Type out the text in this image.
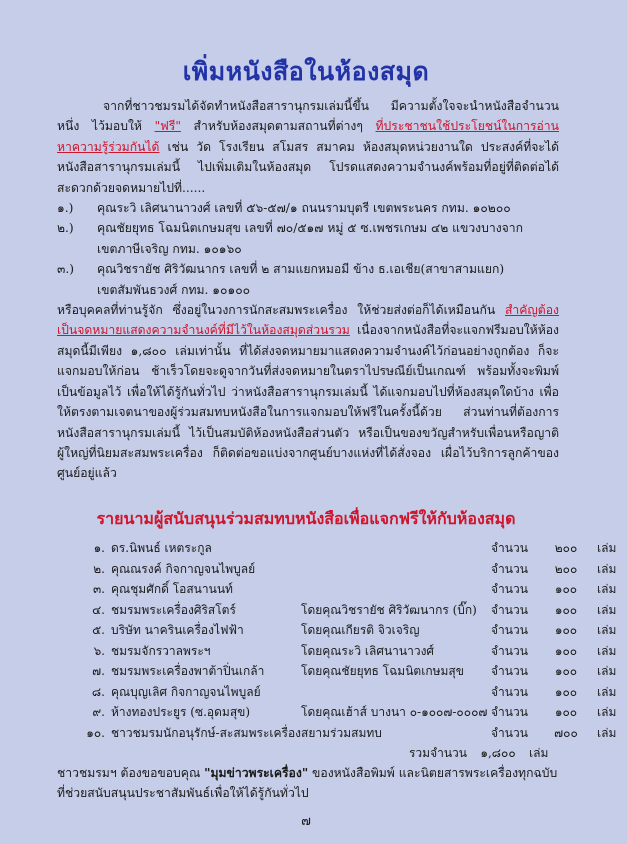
เพิ่มหนังสือในห้องสมุด

จากที่ชาวชมรมได้จัดทำหนังสือสารานุกรมเล่มนี้ขึ้น มีความตั้งใจจะนำหนังสือจำนวนหนึ่ง ไว้มอบให้ "ฟรี" สำหรับห้องสมุดตามสถานที่ต่างๆ ที่ประชาชนใช้ประโยชน์ในการอ่านหาความรู้ร่วมกันได้ เช่น วัด โรงเรียน สโมสร สมาคม ห้องสมุดหน่วยงานใด ประสงค์ที่จะได้หนังสือสารานุกรมเล่มนี้ ไปเพิ่มเติมในห้องสมุด โปรดแสดงความจำนงค์พร้อมที่อยู่ที่ติดต่อได้สะดวกด้วยจดหมายไปที่......

๑.)	คุณระวิ เลิศนานาวงศ์ เลขที่ ๕๖-๕๗/๑ ถนนรามบุตรี เขตพระนคร กทม. ๑๐๒๐๐
๒.)	คุณชัยยุทธ โฉมนิตเกษมสุข เลขที่ ๗๐/๕๑๗ หมู่ ๕ ซ.เพชรเกษม ๔๒ แขวงบางจาก
เขตภาษีเจริญ กทม. ๑๐๑๖๐
๓.)	คุณวิชรายัช ศิริวัฒนากร เลขที่ ๒ สามแยกหมอมี ข้าง ธ.เอเชีย(สาขาสามแยก)
เขตสัมพันธวงศ์ กทม. ๑๐๑๐๐

หรือบุคคลที่ท่านรู้จัก ซึ่งอยู่ในวงการนักสะสมพระเครื่อง ให้ช่วยส่งต่อก็ได้เหมือนกัน สำคัญต้องเป็นจดหมายแสดงความจำนงค์ที่มีไว้ในห้องสมุดส่วนรวม เนื่องจากหนังสือที่จะแจกฟรีมอบให้ห้องสมุดนี้มีเพียง ๑,๘๐๐ เล่มเท่านั้น ที่ได้ส่งจดหมายมาแสดงความจำนงค์ไว้ก่อนอย่างถูกต้อง ก็จะแจกมอบให้ก่อน ช้าเร็วโดยจะดูจากวันที่ส่งจดหมายในตราไปรษณีย์เป็นเกณฑ์ พร้อมทั้งจะพิมพ์เป็นข้อมูลไว้ เพื่อให้ได้รู้กันทั่วไป ว่าหนังสือสารานุกรมเล่มนี้ ได้แจกมอบไปที่ห้องสมุดใดบ้าง เพื่อให้ตรงตามเจตนาของผู้ร่วมสมทบหนังสือในการแจกมอบให้ฟรีในครั้งนี้ด้วย ส่วนท่านที่ต้องการหนังสือสารานุกรมเล่มนี้ ไว้เป็นสมบัติห้องหนังสือส่วนตัว หรือเป็นของขวัญสำหรับเพื่อนหรือญาติผู้ใหญ่ที่นิยมสะสมพระเครื่อง ก็ติดต่อขอแบ่งจากศูนย์บางแห่งที่ได้สั่งจอง เผื่อไว้บริการลูกค้าของศูนย์อยู่แล้ว

รายนามผู้สนับสนุนร่วมสมทบหนังสือเพื่อแจกฟรีให้กับห้องสมุด
๑. ดร.นิพนธ์ เหตระกูล	จำนวน	๒๐๐	เล่ม
๒. คุณณรงค์ กิจกาญจนไพบูลย์	จำนวน	๒๐๐	เล่ม
๓. คุณชุมศักดิ์ โอสนานนท์	จำนวน	๑๐๐	เล่ม
๔. ชมรมพระเครื่องศิริสโตร์	โดยคุณวิชรายัช ศิริวัฒนากร (บิ๊ก)	จำนวน	๑๐๐	เล่ม
๕. บริษัท นาครินเครื่องไฟฟ้า	โดยคุณเกียรติ จิวเจริญ	จำนวน	๑๐๐	เล่ม
๖. ชมรมจักรวาลพระฯ	โดยคุณระวิ เลิศนานาวงศ์	จำนวน	๑๐๐	เล่ม
๗. ชมรมพระเครื่องพาต้าปิ่นเกล้า	โดยคุณชัยยุทธ โฉมนิตเกษมสุข	จำนวน	๑๐๐	เล่ม
๘. คุณบุญเลิศ กิจกาญจนไพบูลย์	จำนวน	๑๐๐	เล่ม
๙. ห้างทองประยูร (ซ.อุดมสุข)	โดยคุณเฮ้าส์ บางนา ๐-๑๐๐๗-๐๐๐๗ จำนวน	๑๐๐	เล่ม
๑๐. ชาวชมรมนักอนุรักษ์-สะสมพระเครื่องสยามร่วมสมทบ	จำนวน	๗๐๐	เล่ม
รวมจำนวน	๑,๘๐๐	เล่ม
ชาวชมรมฯ ต้องขอขอบคุณ "มุมข่าวพระเครื่อง" ของหนังสือพิมพ์ และนิตยสารพระเครื่องทุกฉบับ ที่ช่วยสนับสนุนประชาสัมพันธ์เพื่อให้ได้รู้กันทั่วไป
๗
